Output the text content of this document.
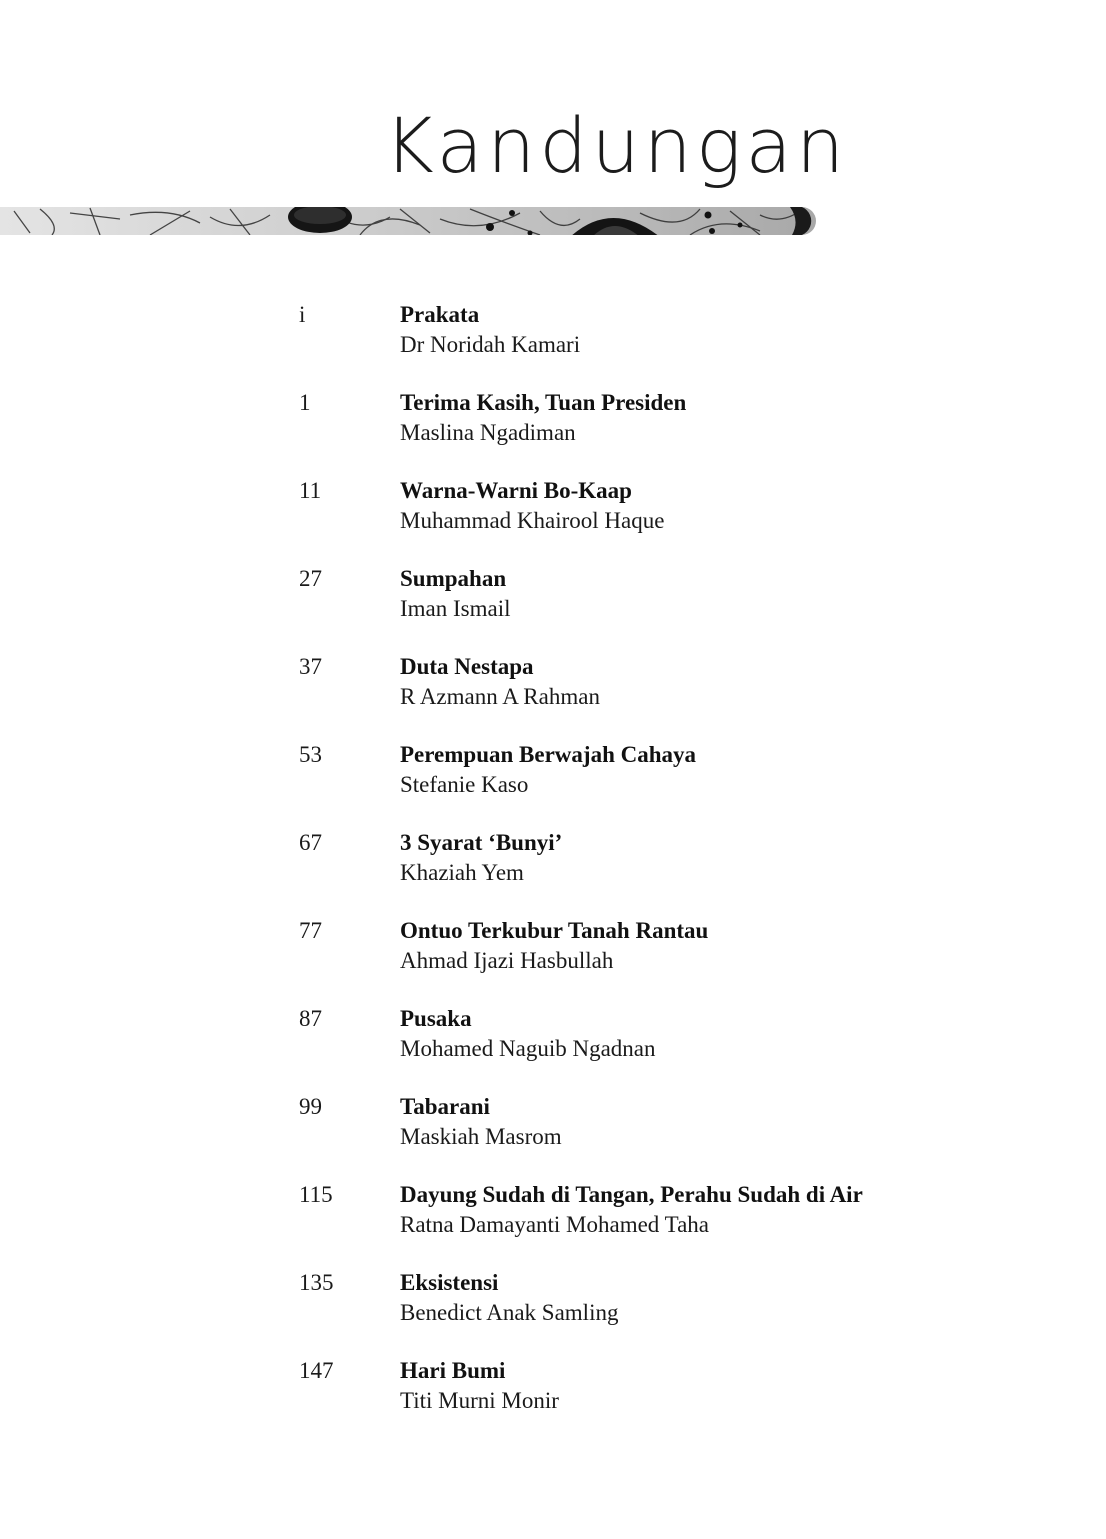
Kandungan
i	Prakata
Dr Noridah Kamari
1	Terima Kasih, Tuan Presiden
Maslina Ngadiman
11	Warna-Warni Bo-Kaap
Muhammad Khairool Haque
27	Sumpahan
Iman Ismail
37	Duta Nestapa
R Azmann A Rahman
53	Perempuan Berwajah Cahaya
Stefanie Kaso
67	3 Syarat ‘Bunyi’
Khaziah Yem
77	Ontuo Terkubur Tanah Rantau
Ahmad Ijazi Hasbullah
87	Pusaka
Mohamed Naguib Ngadnan
99	Tabarani
Maskiah Masrom
115	Dayung Sudah di Tangan, Perahu Sudah di Air
Ratna Damayanti Mohamed Taha
135	Eksistensi
Benedict Anak Samling
147	Hari Bumi
Titi Murni Monir
